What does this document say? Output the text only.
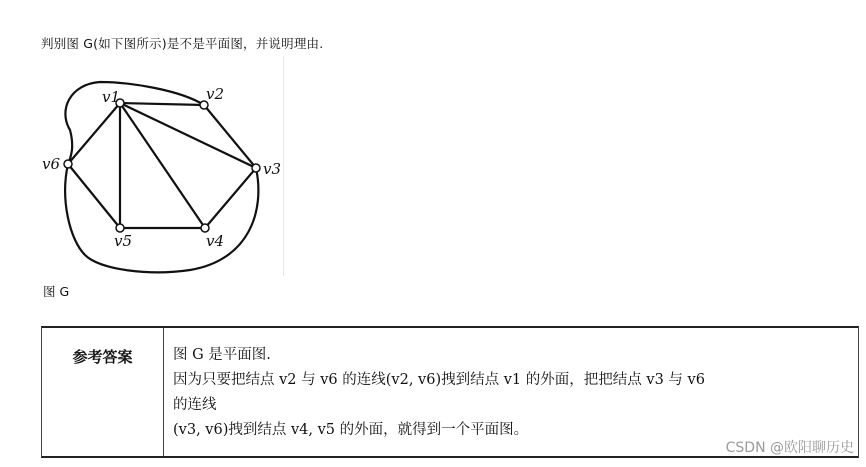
判别图 G(如下图所示)是不是平面图，并说明理由.
v1	v2
v3
v4
v5
v6
图 G
参考答案	图 G 是平面图.
因为只要把结点 v2 与 v6 的连线(v2, v6)拽到结点 v1 的外面，把把结点 v3 与 v6
的连线
(v3, v6)拽到结点 v4, v5 的外面，就得到一个平面图。
CSDN @欧阳聊历史
